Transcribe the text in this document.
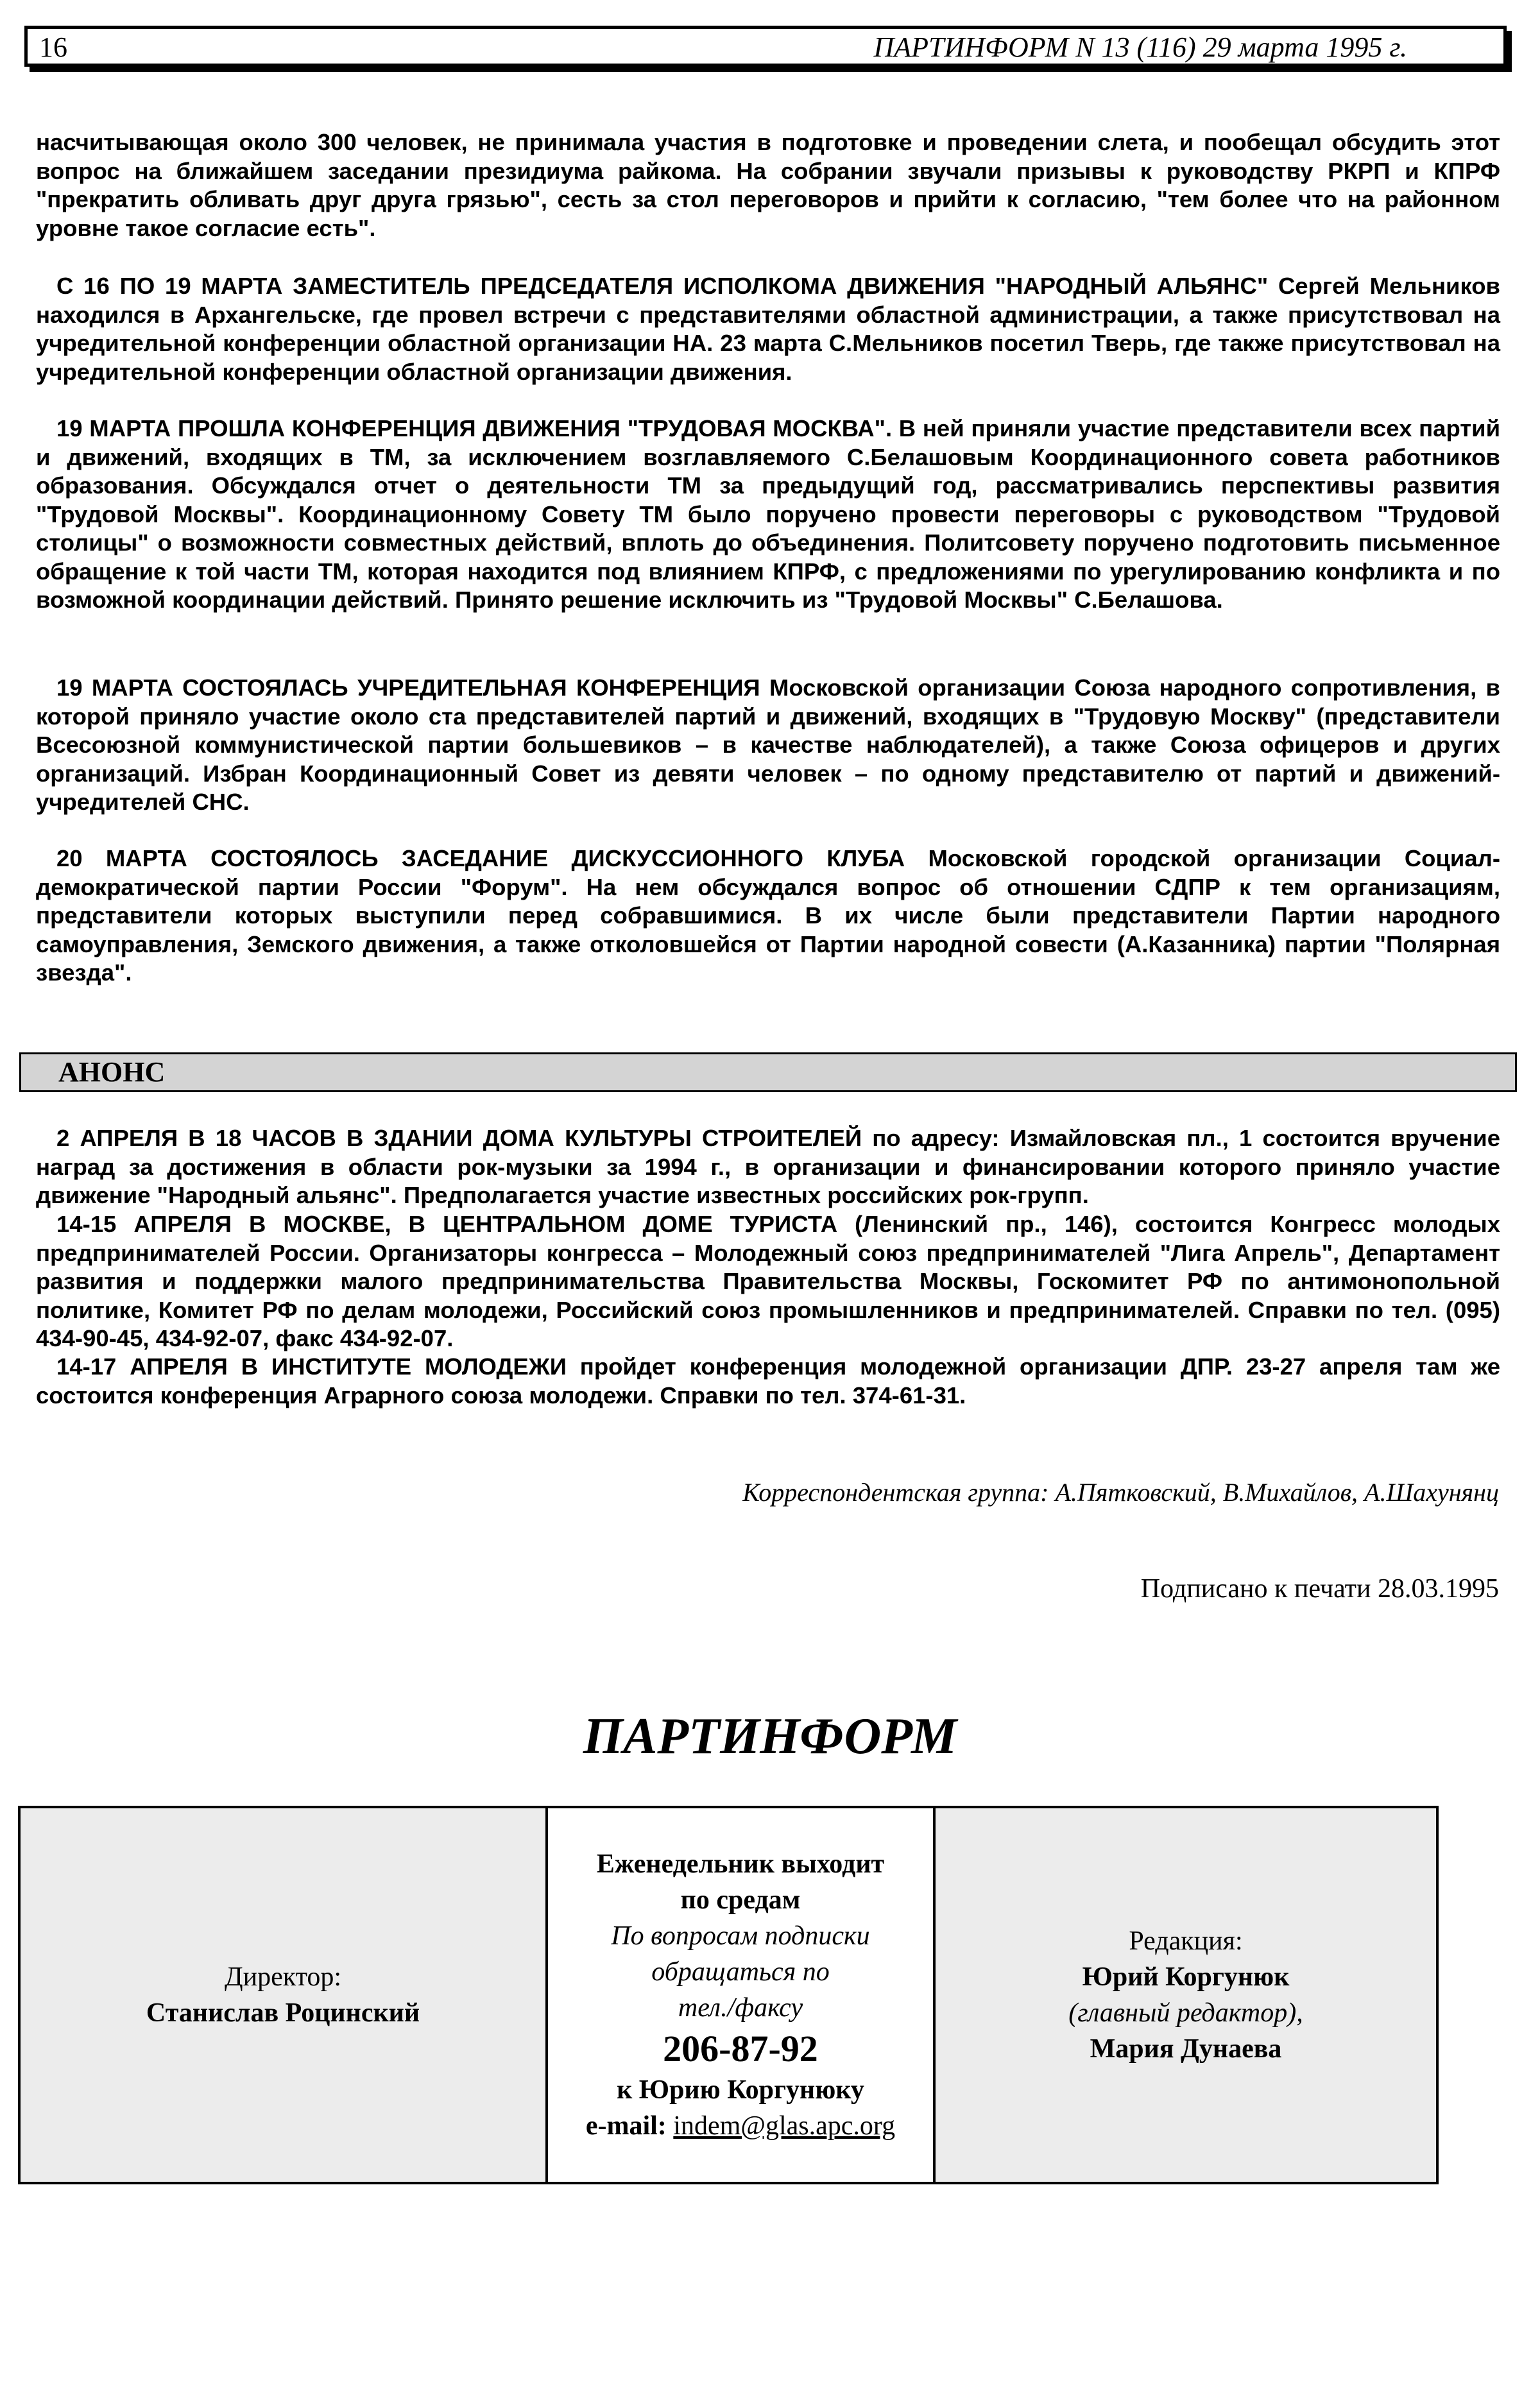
16	ПАРТИНФОРМ N 13 (116) 29 марта 1995 г.

насчитывающая около 300 человек, не принимала участия в подготовке и проведении слета, и пообещал обсудить этот вопрос на ближайшем заседании президиума райкома. На собрании звучали призывы к руководству РКРП и КПРФ "прекратить обливать друг друга грязью", сесть за стол переговоров и прийти к согласию, "тем более что на районном уровне такое согласие есть".

С 16 ПО 19 МАРТА ЗАМЕСТИТЕЛЬ ПРЕДСЕДАТЕЛЯ ИСПОЛКОМА ДВИЖЕНИЯ "НАРОДНЫЙ АЛЬЯНС" Сергей Мельников находился в Архангельске, где провел встречи с представителями областной администрации, а также присутствовал на учредительной конференции областной организации НА. 23 марта С.Мельников посетил Тверь, где также присутствовал на учредительной конференции областной организации движения.

19 МАРТА ПРОШЛА КОНФЕРЕНЦИЯ ДВИЖЕНИЯ "ТРУДОВАЯ МОСКВА". В ней приняли участие представители всех партий и движений, входящих в ТМ, за исключением возглавляемого С.Белашовым Координационного совета работников образования. Обсуждался отчет о деятельности ТМ за предыдущий год, рассматривались перспективы развития "Трудовой Москвы". Координационному Совету ТМ было поручено провести переговоры с руководством "Трудовой столицы" о возможности совместных действий, вплоть до объединения. Политсовету поручено подготовить письменное обращение к той части ТМ, которая находится под влиянием КПРФ, с предложениями по урегулированию конфликта и по возможной координации действий. Принято решение исключить из "Трудовой Москвы" С.Белашова.

19 МАРТА СОСТОЯЛАСЬ УЧРЕДИТЕЛЬНАЯ КОНФЕРЕНЦИЯ Московской организации Союза народного сопротивления, в которой приняло участие около ста представителей партий и движений, входящих в "Трудовую Москву" (представители Всесоюзной коммунистической партии большевиков – в качестве наблюдателей), а также Союза офицеров и других организаций. Избран Координационный Совет из девяти человек – по одному представителю от партий и движений-учредителей СНС.

20 МАРТА СОСТОЯЛОСЬ ЗАСЕДАНИЕ ДИСКУССИОННОГО КЛУБА Московской городской организации Социал-демократической партии России "Форум". На нем обсуждался вопрос об отношении СДПР к тем организациям, представители которых выступили перед собравшимися. В их числе были представители Партии народного самоуправления, Земского движения, а также отколовшейся от Партии народной совести (А.Казанника) партии "Полярная звезда".

АНОНС

2 АПРЕЛЯ В 18 ЧАСОВ В ЗДАНИИ ДОМА КУЛЬТУРЫ СТРОИТЕЛЕЙ по адресу: Измайловская пл., 1 состоится вручение наград за достижения в области рок-музыки за 1994 г., в организации и финансировании которого приняло участие движение "Народный альянс". Предполагается участие известных российских рок-групп.

14-15 АПРЕЛЯ В МОСКВЕ, В ЦЕНТРАЛЬНОМ ДОМЕ ТУРИСТА (Ленинский пр., 146), состоится Конгресс молодых предпринимателей России. Организаторы конгресса – Молодежный союз предпринимателей "Лига Апрель", Департамент развития и поддержки малого предпринимательства Правительства Москвы, Госкомитет РФ по антимонопольной политике, Комитет РФ по делам молодежи, Российский союз промышленников и предпринимателей. Справки по тел. (095) 434-90-45, 434-92-07, факс 434-92-07.

14-17 АПРЕЛЯ В ИНСТИТУТЕ МОЛОДЕЖИ пройдет конференция молодежной организации ДПР. 23-27 апреля там же состоится конференция Аграрного союза молодежи. Справки по тел. 374-61-31.

Корреспондентская группа: А.Пятковский, В.Михайлов, А.Шахунянц
Подписано к печати 28.03.1995
ПАРТИНФОРМ
Директор:
Станислав Роцинский
Еженедельник выходит
по средам
По вопросам подписки
обращаться по
тел./факсу
206-87-92
к Юрию Коргунюку
e-mail: indem@glas.apc.org
Редакция:
Юрий Коргунюк
(главный редактор),
Мария Дунаева
